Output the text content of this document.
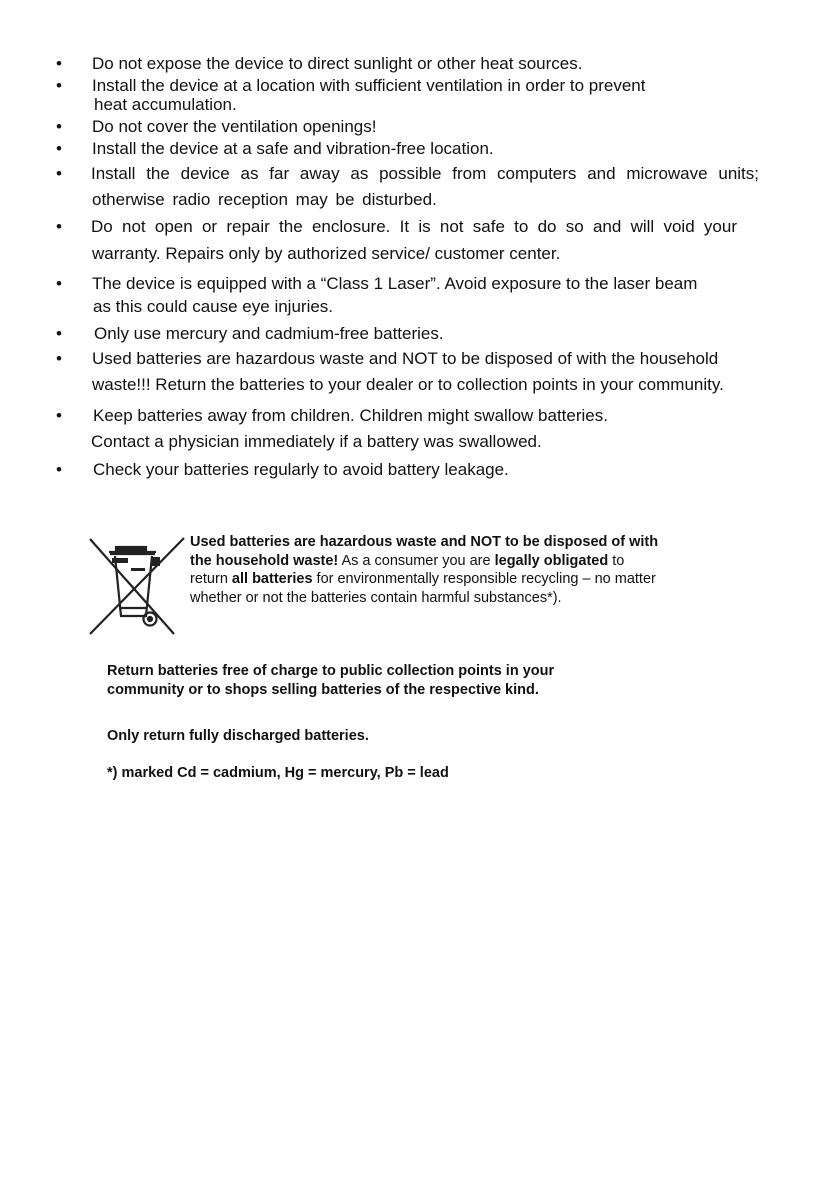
• Do not expose the device to direct sunlight or other heat sources.
• Install the device at a location with sufficient ventilation in order to prevent
heat accumulation.
• Do not cover the ventilation openings!
• Install the device at a safe and vibration-free location.
• Install the device as far away as possible from computers and microwave units;
otherwise radio reception may be disturbed.
• Do not open or repair the enclosure. It is not safe to do so and will void your
warranty. Repairs only by authorized service/ customer center.
• The device is equipped with a “Class 1 Laser”. Avoid exposure to the laser beam
as this could cause eye injuries.
• Only use mercury and cadmium-free batteries.
• Used batteries are hazardous waste and NOT to be disposed of with the household
waste!!! Return the batteries to your dealer or to collection points in your community.
• Keep batteries away from children. Children might swallow batteries.
Contact a physician immediately if a battery was swallowed.
• Check your batteries regularly to avoid battery leakage.
Used batteries are hazardous waste and NOT to be disposed of with the household waste! As a consumer you are legally obligated to return all batteries for environmentally responsible recycling – no matter whether or not the batteries contain harmful substances*).
Return batteries free of charge to public collection points in your community or to shops selling batteries of the respective kind.
Only return fully discharged batteries.
*) marked Cd = cadmium, Hg = mercury, Pb = lead
